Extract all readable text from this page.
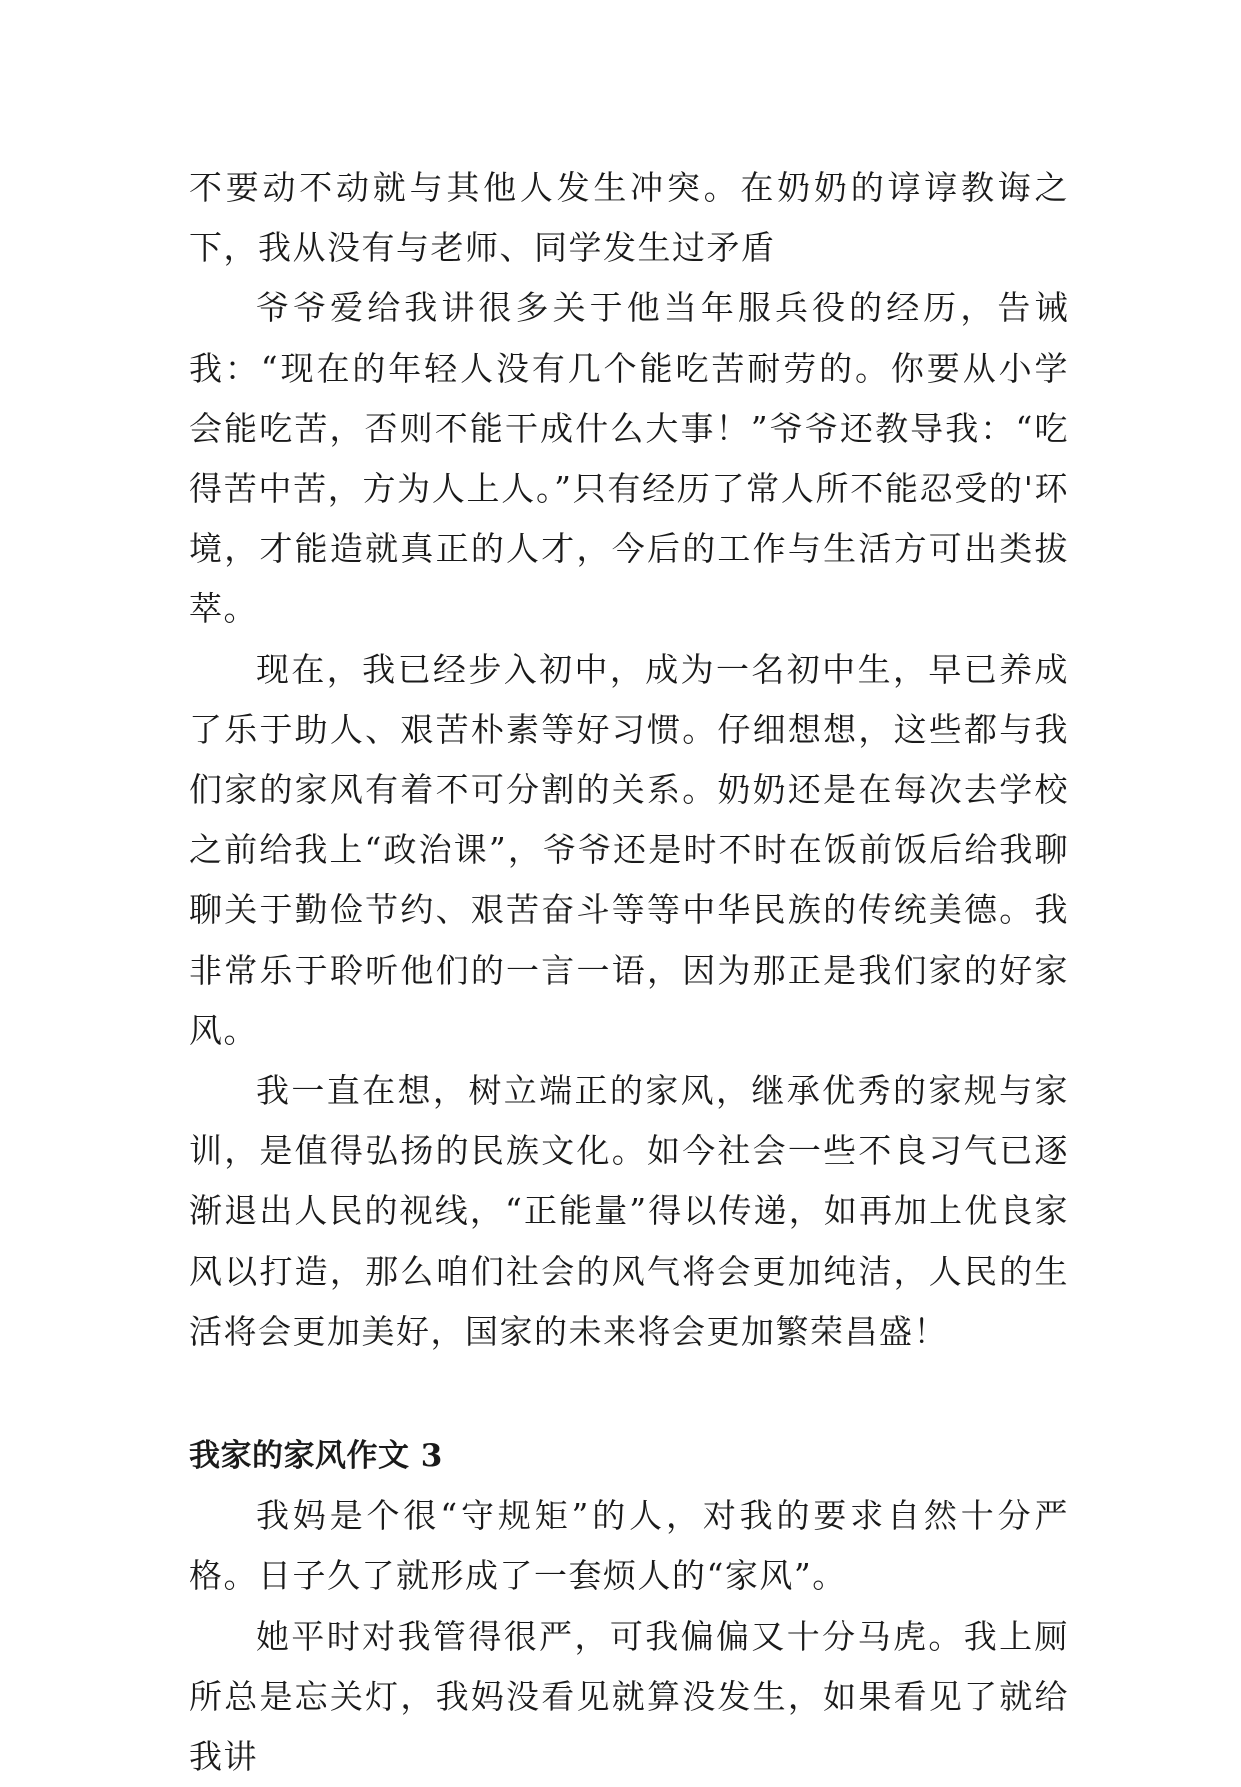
不要动不动就与其他人发生冲突。在奶奶的谆谆教诲之下，我从没有与老师、同学发生过矛盾

爷爷爱给我讲很多关于他当年服兵役的经历，告诫我：“现在的年轻人没有几个能吃苦耐劳的。你要从小学会能吃苦，否则不能干成什么大事！”爷爷还教导我：“吃得苦中苦，方为人上人。”只有经历了常人所不能忍受的'环境，才能造就真正的人才，今后的工作与生活方可出类拔萃。

现在，我已经步入初中，成为一名初中生，早已养成了乐于助人、艰苦朴素等好习惯。仔细想想，这些都与我们家的家风有着不可分割的关系。奶奶还是在每次去学校之前给我上“政治课”，爷爷还是时不时在饭前饭后给我聊聊关于勤俭节约、艰苦奋斗等等中华民族的传统美德。我非常乐于聆听他们的一言一语，因为那正是我们家的好家风。

我一直在想，树立端正的家风，继承优秀的家规与家训，是值得弘扬的民族文化。如今社会一些不良习气已逐渐退出人民的视线，“正能量”得以传递，如再加上优良家风以打造，那么咱们社会的风气将会更加纯洁，人民的生活将会更加美好，国家的未来将会更加繁荣昌盛！

我家的家风作文 3

我妈是个很“守规矩”的人，对我的要求自然十分严格。日子久了就形成了一套烦人的“家风”。

她平时对我管得很严，可我偏偏又十分马虎。我上厕所总是忘关灯，我妈没看见就算没发生，如果看见了就给我讲
